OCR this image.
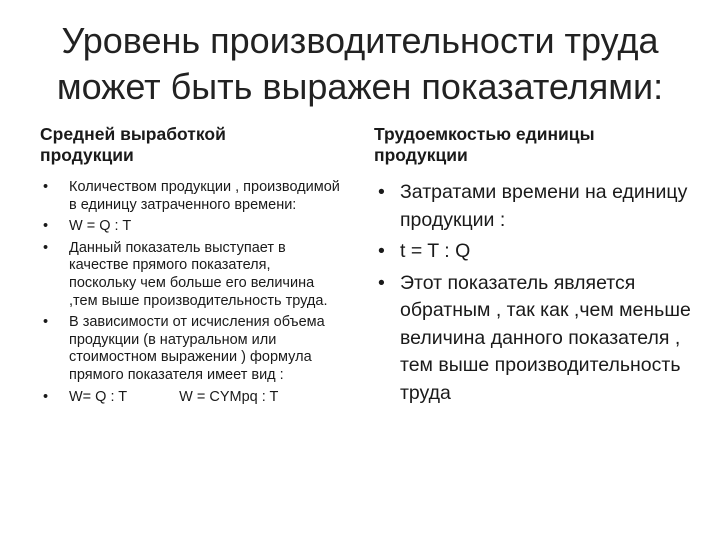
Уровень производительности труда
может быть выражен показателями:
Средней выработкой
продукции
• Количеством продукции , производимой в единицу затраченного времени:
• W = Q : T
• Данный показатель выступает в качестве прямого показателя, поскольку чем больше его величина ,тем выше производительность труда.
• В зависимости от исчисления объема продукции (в натуральном или стоимостном выражении ) формула прямого показателя имеет вид :
• W= Q : T	W = CYMpq : T
Трудоемкостью единицы
продукции
• Затратами времени на единицу продукции :
• t = T : Q
• Этот показатель является обратным , так как ,чем меньше величина данного показателя , тем выше производительность труда
